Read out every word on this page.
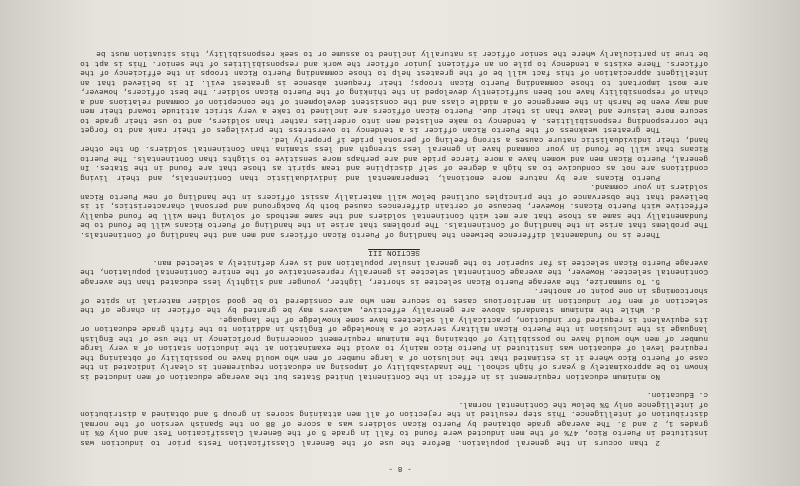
- 8 -

2 than occurs in the general population. Before the use of the General Classification Tests prior to induction was instituted in Puerto Rico, 47% of the men inducted were found to fall in grade 5 of the General Classification Test and only 6% in grades 1, 2 and 3. The average grade obtained by Puerto Rican soldiers was a score of 88 on the Spanish version of the normal distribution of intelligence. This step resulted in the rejection of all men attaining scores in group 5 and obtained a distribution of intelligence only 5% below the Continental normal.

c. Education.

No minimum education requirement is in effect in the Continental United States but the average education of men inducted is known to be approximately 8 years of high school. The inadvisability of imposing an education requirement is clearly indicated in the case of Puerto Rico where it is estimated that the inclusion of a large number of men who would have no possibility of obtaining the required level of education was instituted in Puerto Rico mainly to avoid the examination at the induction station of a very large number of men who would have no possibility of obtaining the minimum requirement concerning proficiency in the use of the English language is the inclusion in the Puerto Rican military service of a knowledge of English in addition to the fifth grade education or its equivalent is required for induction, practically all selectees have some knowledge of the language.

d. While the minimum standards above are generally effective, waivers may be granted by the officer in charge of the selection of men for induction in meritorious cases to secure men who are considered to be good soldier material in spite of shortcomings in one point or another.

5. To summarize, the average Puerto Rican selectee is shorter, lighter, younger and slightly less educated than the average Continental selectee. However, the average Continental selectee is generally representative of the entire Continental population, the average Puerto Rican selectee is far superior to the general insular population and is very definitely a selected man.

SECTION III

There is no fundamental difference between the handling of Puerto Rican officers and men and the handling of Continentals. The problems that arise in the handling of Continentals. The problems that arise in the handling of Puerto Ricans will be found to be fundamentally the same as those that are met with Continental soldiers and the same methods of solving them will be found equally effective with Puerto Ricans. However, because of certain differences caused both by background and personal characteristics, it is believed that the observance of the principles outlined below will materially assist officers in the handling of new Puerto Rican soldiers in your command.

Puerto Ricans are by nature more emotional, temperamental and individualistic than Continentals, and their living conditions are not as conducive to as high a degree of self discipline and team spirit as those that are found in the States. In general, Puerto Rican men and women have a more fierce pride and are perhaps more sensitive to slights than Continentals. The Puerto Ricans that will be found in your command have in general less strength and less stamina than Continental soldiers. On the other hand, their individualistic nature causes a strong feeling of personal pride if properly led.

The greatest weakness of the Puerto Rican officer is a tendency to overstress the privileges of their rank and to forget the corresponding responsibilities. A tendency to make enlisted men into orderlies rather than soldiers, and to use their grade to secure more leisure and leave than is their due. Puerto Rican officers are inclined to take a very strict attitude toward their men and may even be harsh in the emergence of a middle class and the consistent development of the conception of command relations and a chain of responsibility have not been sufficiently developed in the thinking of the Puerto Rican soldier. The best officers, however, are most important to those commanding Puerto Rican troops; their frequent absence is greatest evil. It is believed that an intelligent appreciation of this fact will be of the greatest help to those commanding Puerto Rican troops in the efficiency of the officers. There exists a tendency to pile on an efficient junior officer the work and responsibilities of the senior. This is apt to be true in particularly where the senior officer is naturally inclined to assume or to seek responsibility, this situation must be
